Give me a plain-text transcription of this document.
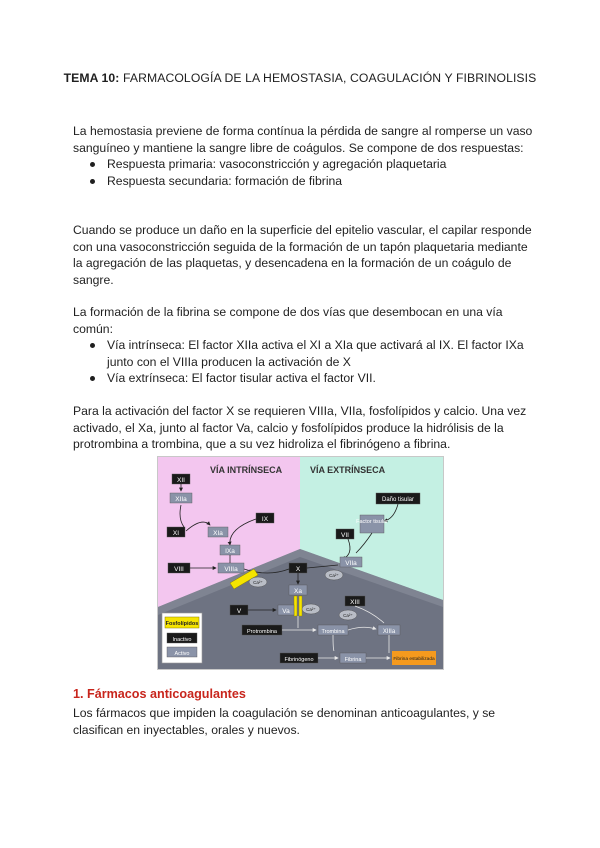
TEMA 10: FARMACOLOGÍA DE LA HEMOSTASIA, COAGULACIÓN Y FIBRINOLISIS

La hemostasia previene de forma contínua la pérdida de sangre al romperse un vaso sanguíneo y mantiene la sangre libre de coágulos. Se compone de dos respuestas:

Respuesta primaria: vasoconstricción y agregación plaquetaria
Respuesta secundaria: formación de fibrina

Cuando se produce un daño en la superficie del epitelio vascular, el capilar responde con una vasoconstricción seguida de la formación de un tapón plaquetaria mediante la agregación de las plaquetas, y desencadena en la formación de un coágulo de sangre.

La formación de la fibrina se compone de dos vías que desembocan en una vía común:

Vía intrínseca: El factor XIIa activa el XI a XIa que activará al IX. El factor IXa junto con el VIIIa producen la activación de X
Vía extrínseca: El factor tisular activa el factor VII.

Para la activación del factor X se requieren VIIIa, VIIa, fosfolípidos y calcio. Una vez activado, el Xa, junto al factor Va, calcio y fosfolípidos produce la hidrólisis de la protrombina a trombina, que a su vez hidroliza el fibrinógeno a fibrina.

VÍA INTRÍNSECA	VÍA EXTRÍNSECA
XII
XIIa
XI	XIa
IX
IXa
VIII	VIIIa
Daño tisular
Factor tisular
VII
VIIa
X
Ca²⁺
Ca²⁺
Xa
V	Va	Ca²⁺
XIII
Ca²⁺
Protrombina	Trombina	XIIIa
Fibrinógeno	Fibrina	Fibrina estabilizada
Fosfolípidos
Inactivo
Activo
1. Fármacos anticoagulantes

Los fármacos que impiden la coagulación se denominan anticoagulantes, y se clasifican en inyectables, orales y nuevos.
